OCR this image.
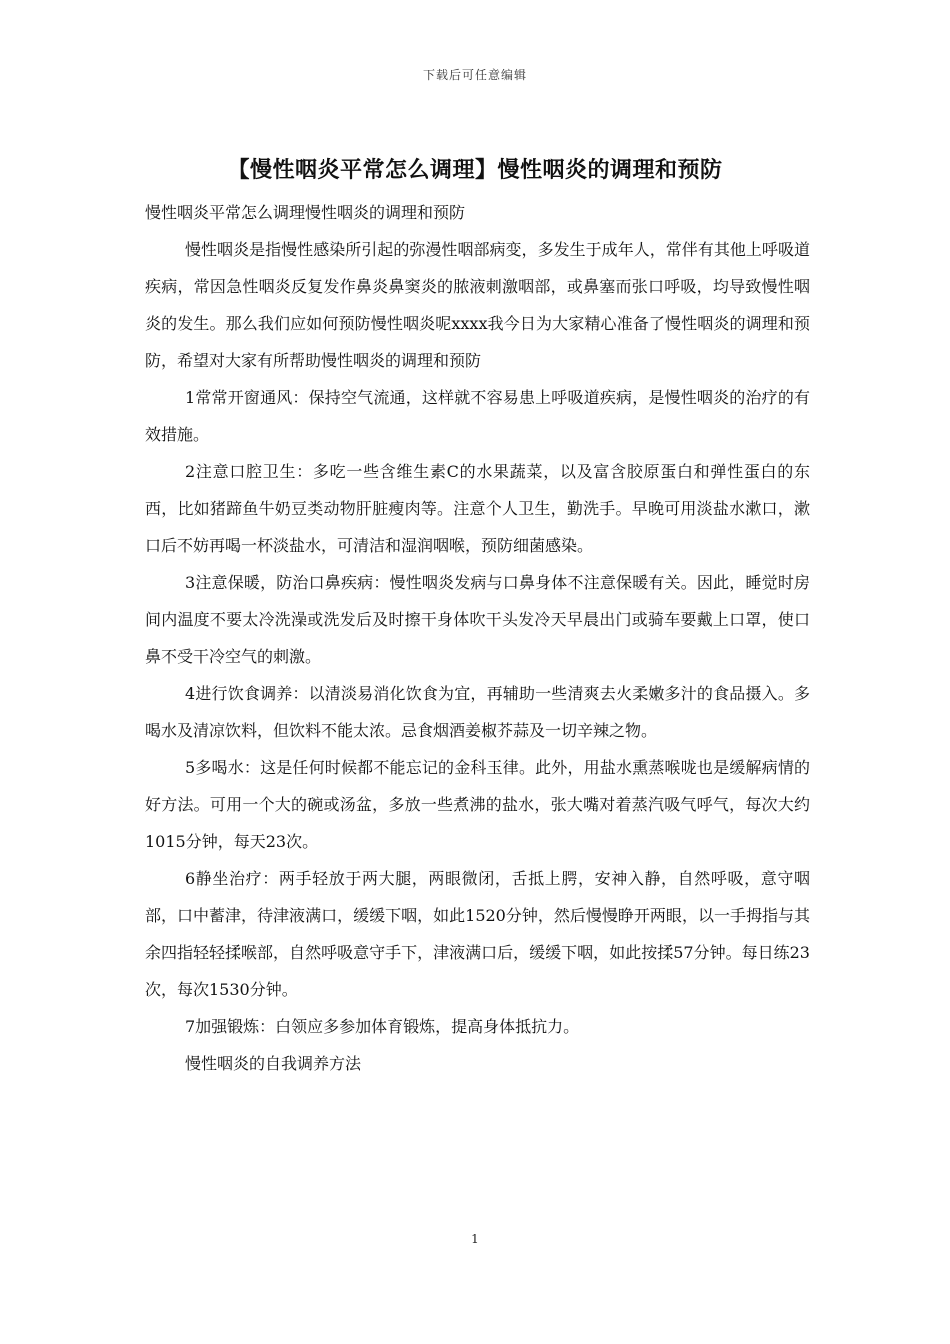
下载后可任意编辑
【慢性咽炎平常怎么调理】慢性咽炎的调理和预防

慢性咽炎平常怎么调理慢性咽炎的调理和预防

慢性咽炎是指慢性感染所引起的弥漫性咽部病变，多发生于成年人，常伴有其他上呼吸道疾病，常因急性咽炎反复发作鼻炎鼻窦炎的脓液刺激咽部，或鼻塞而张口呼吸，均导致慢性咽炎的发生。那么我们应如何预防慢性咽炎呢xxxx我今日为大家精心准备了慢性咽炎的调理和预防，希望对大家有所帮助慢性咽炎的调理和预防

1常常开窗通风：保持空气流通，这样就不容易患上呼吸道疾病，是慢性咽炎的治疗的有效措施。

2注意口腔卫生：多吃一些含维生素C的水果蔬菜，以及富含胶原蛋白和弹性蛋白的东西，比如猪蹄鱼牛奶豆类动物肝脏瘦肉等。注意个人卫生，勤洗手。早晚可用淡盐水漱口，漱口后不妨再喝一杯淡盐水，可清洁和湿润咽喉，预防细菌感染。

3注意保暖，防治口鼻疾病：慢性咽炎发病与口鼻身体不注意保暖有关。因此，睡觉时房间内温度不要太冷洗澡或洗发后及时擦干身体吹干头发冷天早晨出门或骑车要戴上口罩，使口鼻不受干冷空气的刺激。

4进行饮食调养：以清淡易消化饮食为宜，再辅助一些清爽去火柔嫩多汁的食品摄入。多喝水及清凉饮料，但饮料不能太浓。忌食烟酒姜椒芥蒜及一切辛辣之物。

5多喝水：这是任何时候都不能忘记的金科玉律。此外，用盐水熏蒸喉咙也是缓解病情的好方法。可用一个大的碗或汤盆，多放一些煮沸的盐水，张大嘴对着蒸汽吸气呼气，每次大约1015分钟，每天23次。

6静坐治疗：两手轻放于两大腿，两眼微闭，舌抵上腭，安神入静，自然呼吸，意守咽部，口中蓄津，待津液满口，缓缓下咽，如此1520分钟，然后慢慢睁开两眼，以一手拇指与其余四指轻轻揉喉部，自然呼吸意守手下，津液满口后，缓缓下咽，如此按揉57分钟。每日练23次，每次1530分钟。

7加强锻炼：白领应多参加体育锻炼，提高身体抵抗力。

慢性咽炎的自我调养方法

1
